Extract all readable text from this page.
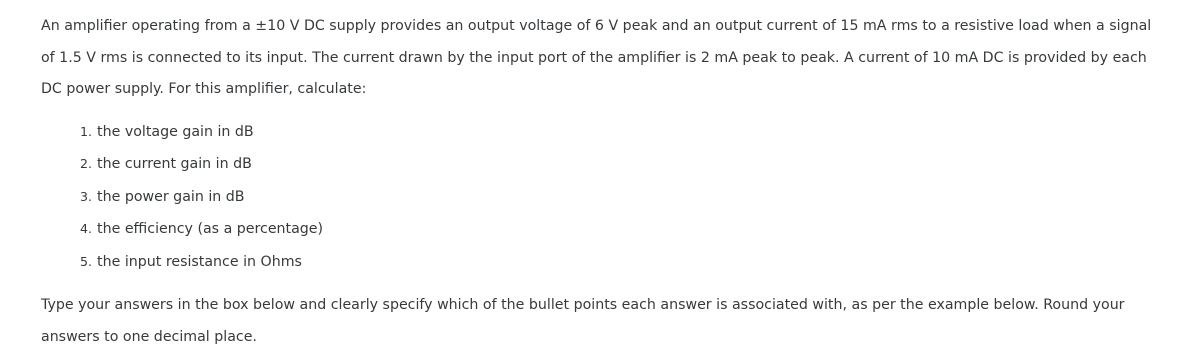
An amplifier operating from a ±10 V DC supply provides an output voltage of 6 V peak and an output current of 15 mA rms to a resistive load when a signal of 1.5 V rms is connected to its input. The current drawn by the input port of the amplifier is 2 mA peak to peak. A current of 10 mA DC is provided by each DC power supply. For this amplifier, calculate:

1. the voltage gain in dB
2. the current gain in dB
3. the power gain in dB
4. the efficiency (as a percentage)
5. the input resistance in Ohms

Type your answers in the box below and clearly specify which of the bullet points each answer is associated with, as per the example below. Round your answers to one decimal place.
